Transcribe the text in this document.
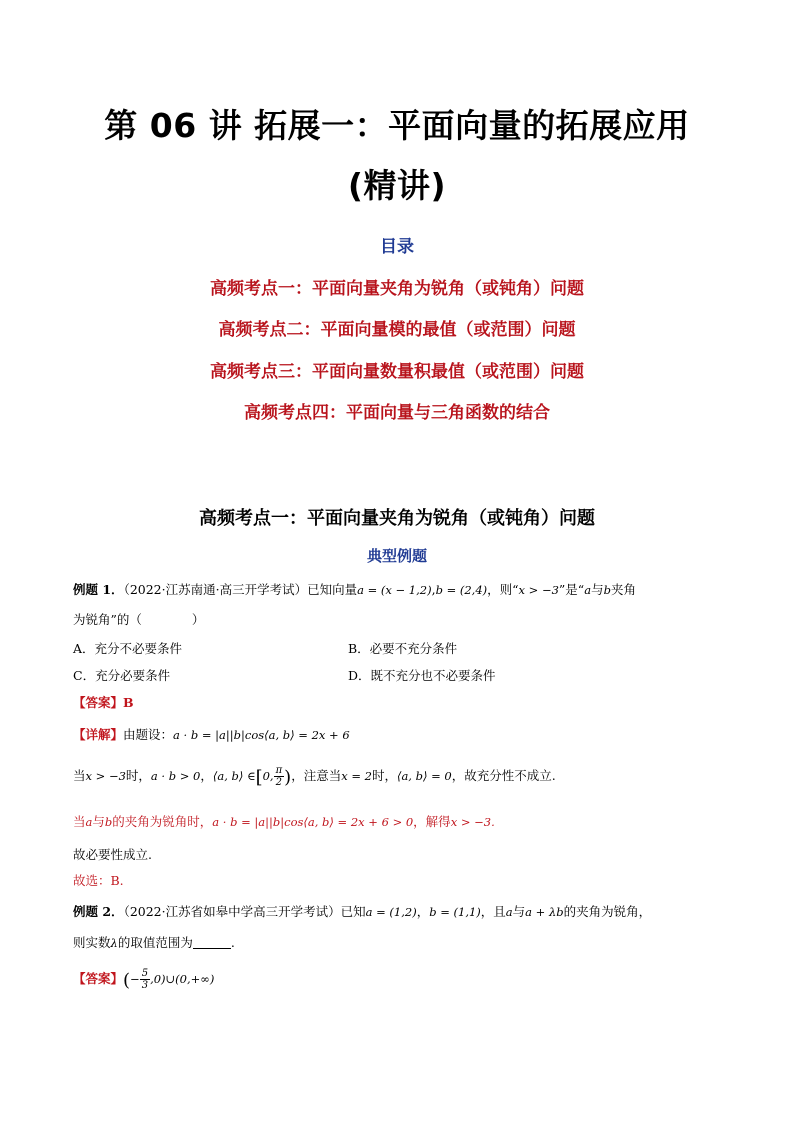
第 06 讲 拓展一：平面向量的拓展应用
(精讲)
目录
高频考点一：平面向量夹角为锐角（或钝角）问题
高频考点二：平面向量模的最值（或范围）问题
高频考点三：平面向量数量积最值（或范围）问题
高频考点四：平面向量与三角函数的结合
高频考点一：平面向量夹角为锐角（或钝角）问题
典型例题
例题 1．（2022·江苏南通·高三开学考试）已知向量a = (x − 1,2),b = (2,4)，则“x > −3”是“a与b夹角
为锐角”的（　　　　）
A．充分不必要条件	B．必要不充分条件
C．充分必要条件	D．既不充分也不必要条件
【答案】B
【详解】由题设：a · b = |a||b|cos⟨a, b⟩ = 2x + 6
当x > −3时，a · b > 0，⟨a, b⟩ ∈[0, $\frac{\pi}{2}$ )，注意当x = 2时，⟨a, b⟩ = 0，故充分性不成立.
当a与b的夹角为锐角时，a · b = |a||b|cos⟨a, b⟩ = 2x + 6 > 0，解得x > −3.
故必要性成立.
故选：B.
例题 2．（2022·江苏省如皋中学高三开学考试）已知a = (1,2)，b = (1,1)，且a与a + λb的夹角为锐角，
则实数λ的取值范围为	.
【答案】(− $\frac{5}{3}$ ,0)∪(0,+∞)
